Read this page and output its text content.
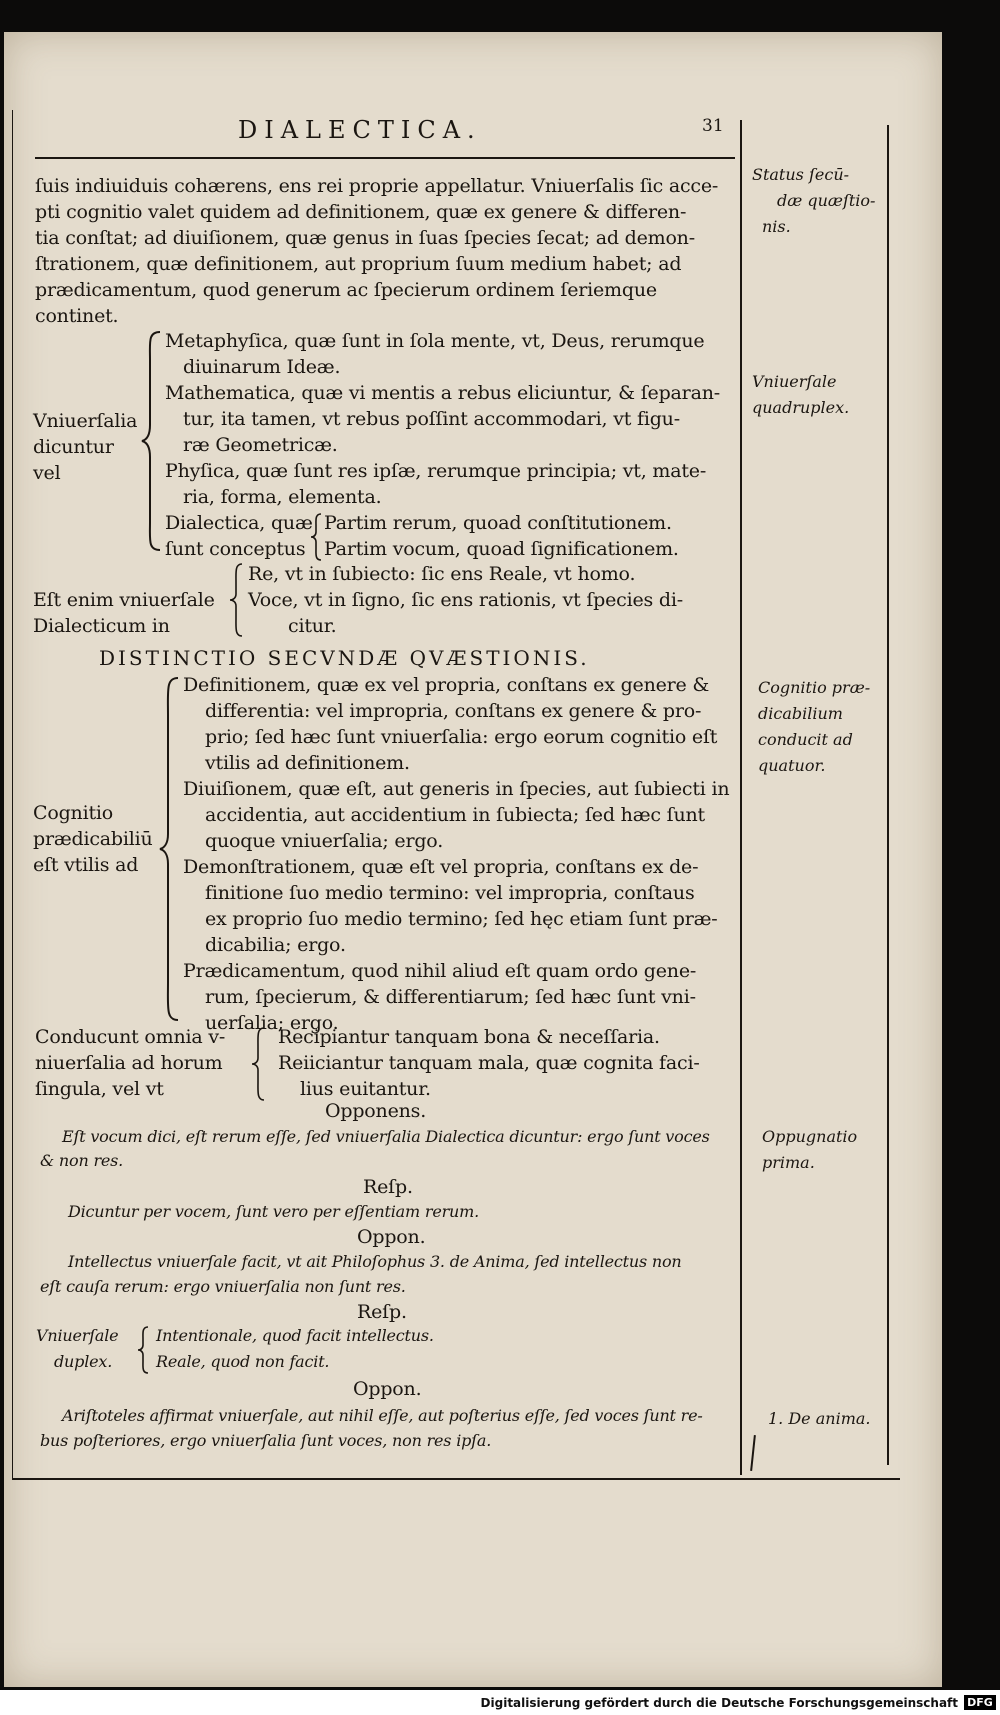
DIALECTICA.	31
ſuis indiuiduis cohærens, ens rei proprie appellatur. Vniuerſalis ſic acce-
pti cognitio valet quidem ad definitionem, quæ ex genere & differen-
tia conſtat; ad diuiſionem, quæ genus in ſuas ſpecies ſecat; ad demon-
ſtrationem, quæ definitionem, aut proprium ſuum medium habet; ad
prædicamentum, quod generum ac ſpecierum ordinem ſeriemque
continet.
Vniuerſalia
dicuntur
vel
Metaphyſica, quæ ſunt in ſola mente, vt, Deus, rerumque
diuinarum Ideæ.
Mathematica, quæ vi mentis a rebus eliciuntur, & ſeparan-
tur, ita tamen, vt rebus poſſint accommodari, vt figu-
ræ Geometricæ.
Phyſica, quæ ſunt res ipſæ, rerumque principia; vt, mate-
ria, forma, elementa.
Dialectica, quæ
ſunt conceptus
Partim rerum, quoad conſtitutionem.
Partim vocum, quoad ſignificationem.
Eſt enim vniuerſale
Dialecticum in
Re, vt in ſubiecto: ſic ens Reale, vt homo.
Voce, vt in ſigno, ſic ens rationis, vt ſpecies di-
citur.
DISTINCTIO SECVNDÆ QVÆSTIONIS.
Cognitio
prædicabiliū
eſt vtilis ad
Definitionem, quæ ex vel propria, conſtans ex genere &
differentia: vel impropria, conſtans ex genere & pro-
prio; ſed hæc ſunt vniuerſalia: ergo eorum cognitio eſt
vtilis ad definitionem.
Diuiſionem, quæ eſt, aut generis in ſpecies, aut ſubiecti in
accidentia, aut accidentium in ſubiecta; ſed hæc ſunt
quoque vniuerſalia; ergo.
Demonſtrationem, quæ eſt vel propria, conſtans ex de-
finitione ſuo medio termino: vel impropria, conſtaus
ex proprio ſuo medio termino; ſed hęc etiam ſunt præ-
dicabilia; ergo.
Prædicamentum, quod nihil aliud eſt quam ordo gene-
rum, ſpecierum, & differentiarum; ſed hæc ſunt vni-
uerſalia; ergo.
Conducunt omnia v-
niuerſalia ad horum
ſingula, vel vt
Recipiantur tanquam bona & neceſſaria.
Reiiciantur tanquam mala, quæ cognita faci-
lius euitantur.
Opponens.
Eſt vocum dici, eſt rerum eſſe, ſed vniuerſalia Dialectica dicuntur: ergo ſunt voces
& non res.
Reſp.
Dicuntur per vocem, ſunt vero per eſſentiam rerum.
Oppon.
Intellectus vniuerſale facit, vt ait Philoſophus 3. de Anima, ſed intellectus non
eſt cauſa rerum: ergo vniuerſalia non ſunt res.
Reſp.
Vniuerſale
duplex.
Intentionale, quod facit intellectus.
Reale, quod non facit.
Oppon.
Ariſtoteles affirmat vniuerſale, aut nihil eſſe, aut poſterius eſſe, ſed voces ſunt re-
bus poſteriores, ergo vniuerſalia ſunt voces, non res ipſa.
Status ſecū-
dæ quæſtio-
nis.
Vniuerſale
quadruplex.
Cognitio præ-
dicabilium
conducit ad
quatuor.
Oppugnatio
prima.
1. De anima.
Digitalisierung gefördert durch die Deutsche Forschungsgemeinschaft DFG
